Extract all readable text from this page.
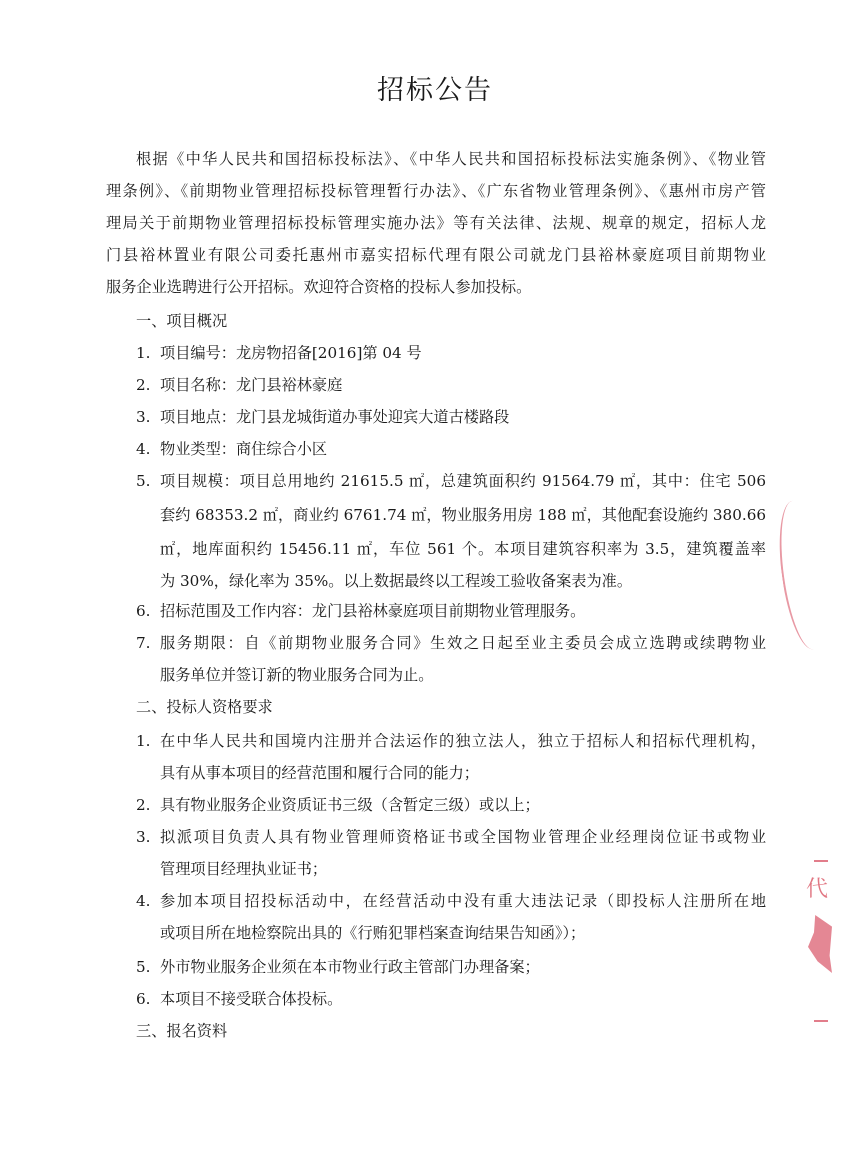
招标公告
根据《中华人民共和国招标投标法》、《中华人民共和国招标投标法实施条例》、《物业管
理条例》、《前期物业管理招标投标管理暂行办法》、《广东省物业管理条例》、《惠州市房产管
理局关于前期物业管理招标投标管理实施办法》等有关法律、法规、规章的规定，招标人龙
门县裕林置业有限公司委托惠州市嘉实招标代理有限公司就龙门县裕林豪庭项目前期物业
服务企业选聘进行公开招标。欢迎符合资格的投标人参加投标。
一、项目概况
1. 项目编号：龙房物招备[2016]第 04 号
2. 项目名称：龙门县裕林豪庭
3. 项目地点：龙门县龙城街道办事处迎宾大道古楼路段
4. 物业类型：商住综合小区
5. 项目规模：项目总用地约 21615.5 ㎡，总建筑面积约 91564.79 ㎡，其中：住宅 506
套约 68353.2 ㎡，商业约 6761.74 ㎡，物业服务用房 188 ㎡，其他配套设施约 380.66
㎡，地库面积约 15456.11 ㎡，车位 561 个。本项目建筑容积率为 3.5，建筑覆盖率
为 30%，绿化率为 35%。以上数据最终以工程竣工验收备案表为准。
6. 招标范围及工作内容：龙门县裕林豪庭项目前期物业管理服务。
7. 服务期限：自《前期物业服务合同》生效之日起至业主委员会成立选聘或续聘物业
服务单位并签订新的物业服务合同为止。
二、投标人资格要求
1. 在中华人民共和国境内注册并合法运作的独立法人，独立于招标人和招标代理机构，
具有从事本项目的经营范围和履行合同的能力；
2. 具有物业服务企业资质证书三级（含暂定三级）或以上；
3. 拟派项目负责人具有物业管理师资格证书或全国物业管理企业经理岗位证书或物业
管理项目经理执业证书；
4. 参加本项目招投标活动中，在经营活动中没有重大违法记录（即投标人注册所在地
或项目所在地检察院出具的《行贿犯罪档案查询结果告知函》）；
5. 外市物业服务企业须在本市物业行政主管部门办理备案；
6. 本项目不接受联合体投标。
三、报名资料
代
